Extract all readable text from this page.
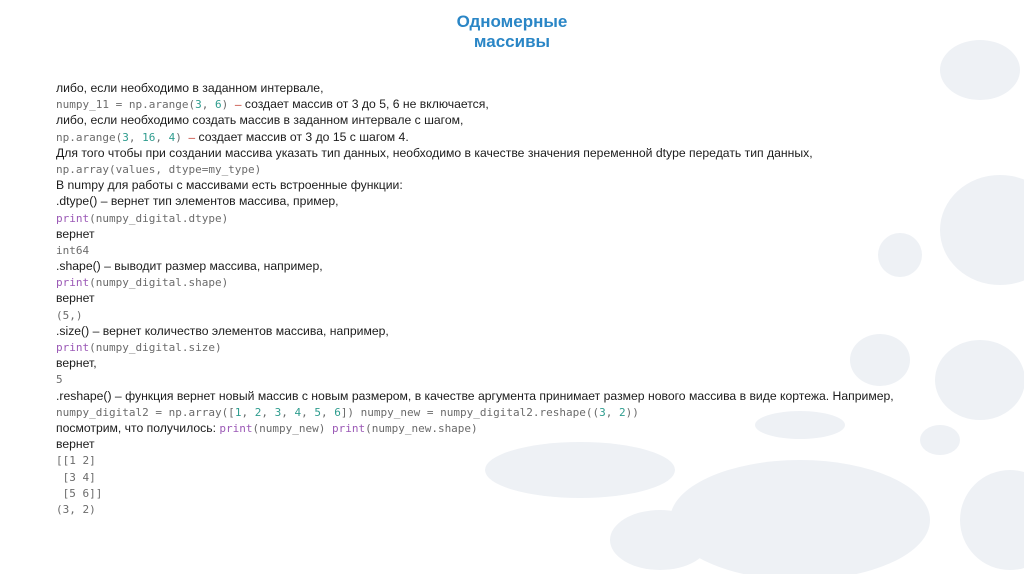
Одномерные
массивы
либо, если необходимо в заданном интервале,
numpy_11 = np.arange(3, 6) – создает массив от 3 до 5, 6 не включается,
либо, если необходимо создать массив в заданном интервале с шагом,
np.arange(3, 16, 4) – создает массив от 3 до 15 с шагом 4.
Для того чтобы при создании массива указать тип данных, необходимо в качестве значения переменной dtype передать тип данных,
np.array(values, dtype=my_type)
В numpy для работы с массивами есть встроенные функции:
.dtype() – вернет тип элементов массива, пример,
print(numpy_digital.dtype)
вернет
int64
.shape() – выводит размер массива, например,
print(numpy_digital.shape)
вернет
(5,)
.size() – вернет количество элементов массива, например,
print(numpy_digital.size)
вернет,
5
.reshape() – функция вернет новый массив с новым размером, в качестве аргумента принимает размер нового массива в виде кортежа. Например,
numpy_digital2 = np.array([1, 2, 3, 4, 5, 6]) numpy_new = numpy_digital2.reshape((3, 2))
посмотрим, что получилось: print(numpy_new) print(numpy_new.shape)
вернет
[[1 2]
[3 4]
[5 6]]
(3, 2)
